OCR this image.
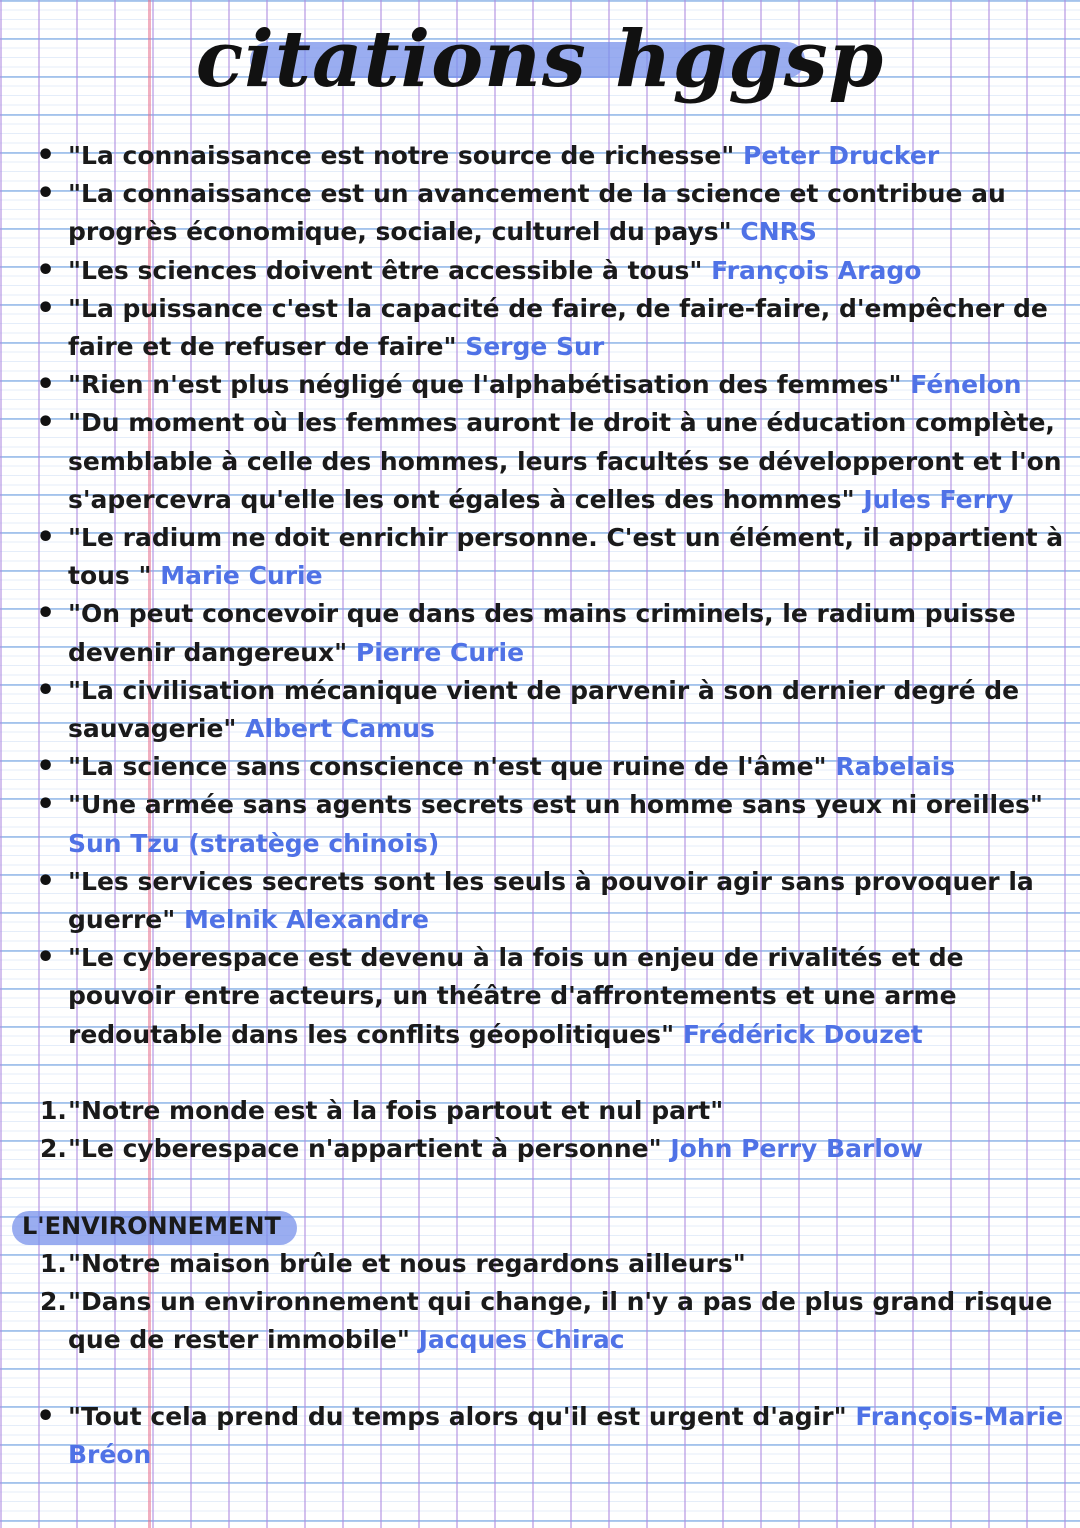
citations hggsp
• "La connaissance est notre source de richesse" Peter Drucker
• "La connaissance est un avancement de la science et contribue au progrès économique, sociale, culturel du pays" CNRS
• "Les sciences doivent être accessible à tous" François Arago
• "La puissance c'est la capacité de faire, de faire-faire, d'empêcher de faire et de refuser de faire" Serge Sur
• "Rien n'est plus négligé que l'alphabétisation des femmes" Fénelon
• "Du moment où les femmes auront le droit à une éducation complète, semblable à celle des hommes, leurs facultés se développeront et l'on s'apercevra qu'elle les ont égales à celles des hommes" Jules Ferry
• "Le radium ne doit enrichir personne. C'est un élément, il appartient à tous " Marie Curie
• "On peut concevoir que dans des mains criminels, le radium puisse devenir dangereux" Pierre Curie
• "La civilisation mécanique vient de parvenir à son dernier degré de sauvagerie" Albert Camus
• "La science sans conscience n'est que ruine de l'âme" Rabelais
• "Une armée sans agents secrets est un homme sans yeux ni oreilles" Sun Tzu (stratège chinois)
• "Les services secrets sont les seuls à pouvoir agir sans provoquer la guerre" Melnik Alexandre
• "Le cyberespace est devenu à la fois un enjeu de rivalités et de pouvoir entre acteurs, un théâtre d'affrontements et une arme redoutable dans les conflits géopolitiques" Frédérick Douzet
1. "Notre monde est à la fois partout et nul part"
2. "Le cyberespace n'appartient à personne" John Perry Barlow
L'ENVIRONNEMENT
1. "Notre maison brûle et nous regardons ailleurs"
2. "Dans un environnement qui change, il n'y a pas de plus grand risque que de rester immobile" Jacques Chirac
• "Tout cela prend du temps alors qu'il est urgent d'agir" François-Marie Bréon
